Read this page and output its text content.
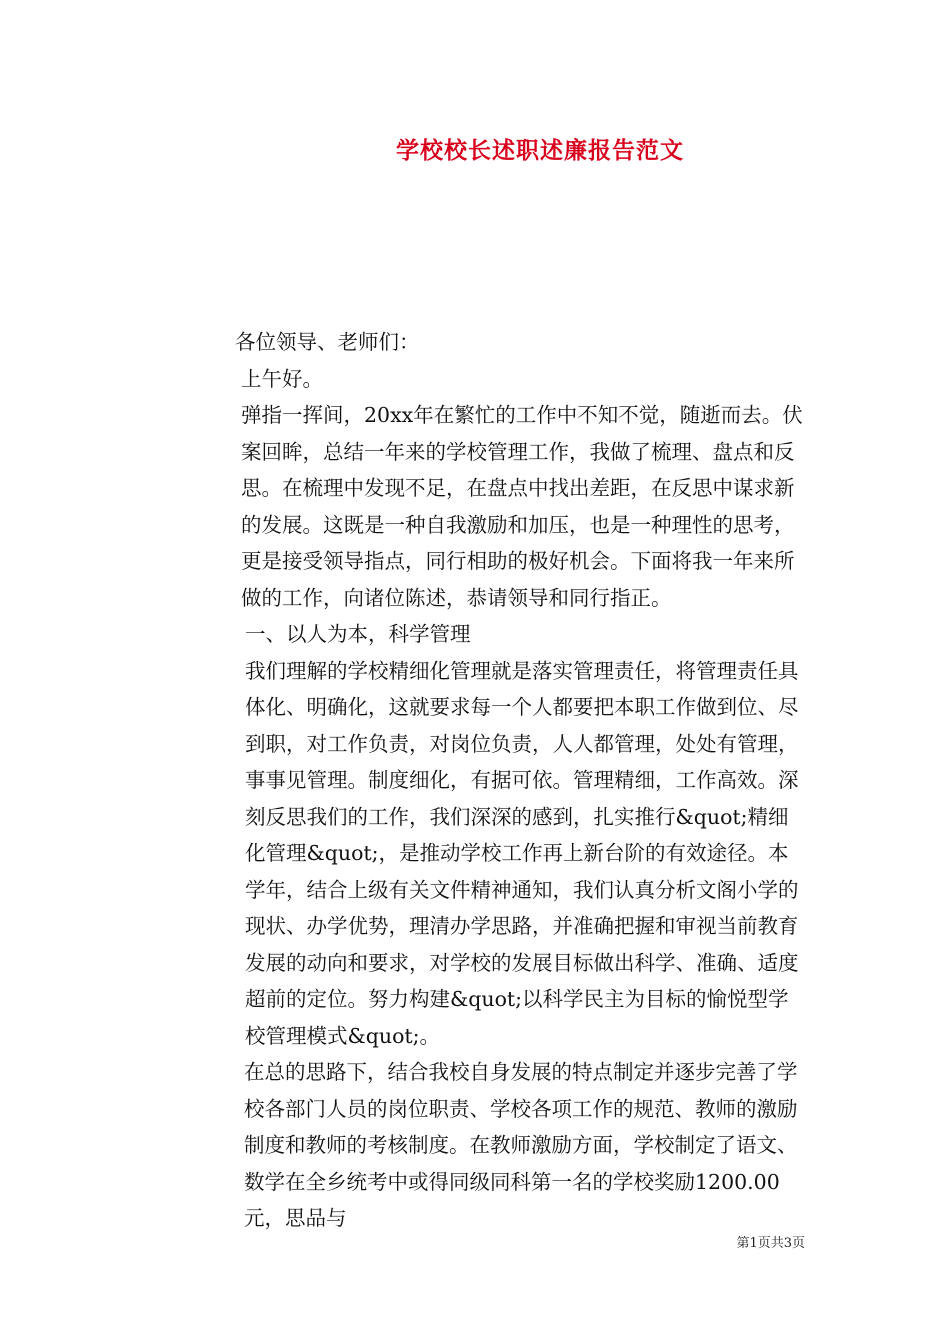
学校校长述职述廉报告范文

各位领导、老师们：

上午好。

弹指一挥间，20xx年在繁忙的工作中不知不觉，随逝而去。伏案回眸，总结一年来的学校管理工作，我做了梳理、盘点和反思。在梳理中发现不足，在盘点中找出差距，在反思中谋求新的发展。这既是一种自我激励和加压，也是一种理性的思考，更是接受领导指点，同行相助的极好机会。下面将我一年来所做的工作，向诸位陈述，恭请领导和同行指正。

一、以人为本，科学管理

我们理解的学校精细化管理就是落实管理责任，将管理责任具体化、明确化，这就要求每一个人都要把本职工作做到位、尽到职，对工作负责，对岗位负责，人人都管理，处处有管理，事事见管理。制度细化，有据可依。管理精细，工作高效。深刻反思我们的工作，我们深深的感到，扎实推行&quot;精细化管理&quot;，是推动学校工作再上新台阶的有效途径。本学年，结合上级有关文件精神通知，我们认真分析文阁小学的现状、办学优势，理清办学思路，并准确把握和审视当前教育发展的动向和要求，对学校的发展目标做出科学、准确、适度超前的定位。努力构建&quot;以科学民主为目标的愉悦型学校管理模式&quot;。

在总的思路下，结合我校自身发展的特点制定并逐步完善了学校各部门人员的岗位职责、学校各项工作的规范、教师的激励制度和教师的考核制度。在教师激励方面，学校制定了语文、数学在全乡统考中或得同级同科第一名的学校奖励1200.00元，思品与

第1页共3页
